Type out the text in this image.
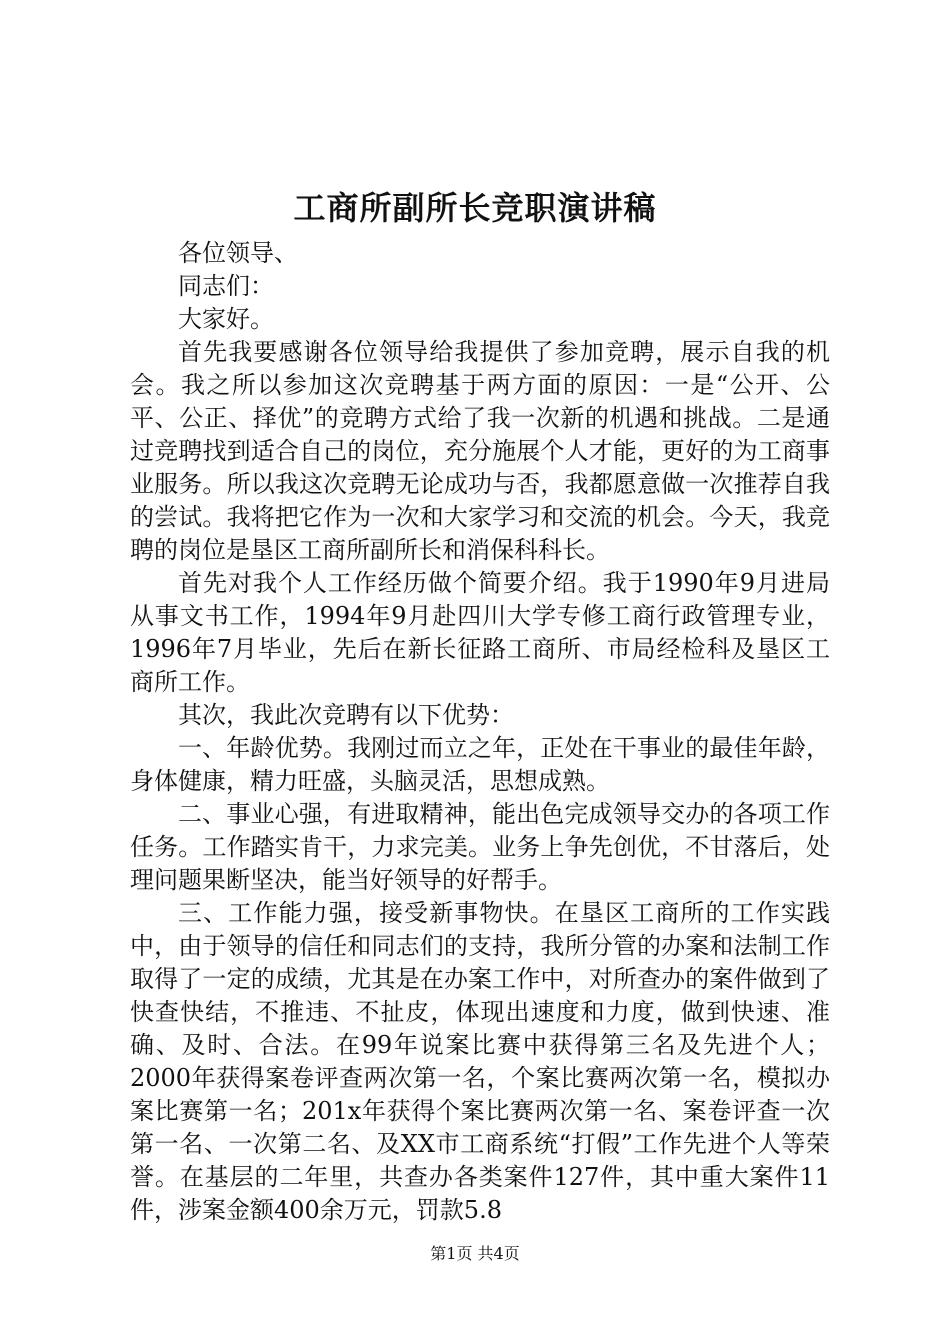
工商所副所长竞职演讲稿

各位领导、

同志们：

大家好。

首先我要感谢各位领导给我提供了参加竞聘，展示自我的机会。我之所以参加这次竞聘基于两方面的原因：一是“公开、公平、公正、择优”的竞聘方式给了我一次新的机遇和挑战。二是通过竞聘找到适合自己的岗位，充分施展个人才能，更好的为工商事业服务。所以我这次竞聘无论成功与否，我都愿意做一次推荐自我的尝试。我将把它作为一次和大家学习和交流的机会。今天，我竞聘的岗位是垦区工商所副所长和消保科科长。

首先对我个人工作经历做个简要介绍。我于1990年9月进局从事文书工作，1994年9月赴四川大学专修工商行政管理专业，1996年7月毕业，先后在新长征路工商所、市局经检科及垦区工商所工作。

其次，我此次竞聘有以下优势：

一、年龄优势。我刚过而立之年，正处在干事业的最佳年龄，身体健康，精力旺盛，头脑灵活，思想成熟。

二、事业心强，有进取精神，能出色完成领导交办的各项工作任务。工作踏实肯干，力求完美。业务上争先创优，不甘落后，处理问题果断坚决，能当好领导的好帮手。

三、工作能力强，接受新事物快。在垦区工商所的工作实践中，由于领导的信任和同志们的支持，我所分管的办案和法制工作取得了一定的成绩，尤其是在办案工作中，对所查办的案件做到了快查快结，不推违、不扯皮，体现出速度和力度，做到快速、准确、及时、合法。在99年说案比赛中获得第三名及先进个人；2000年获得案卷评查两次第一名，个案比赛两次第一名，模拟办案比赛第一名；201x年获得个案比赛两次第一名、案卷评查一次第一名、一次第二名、及XX市工商系统“打假”工作先进个人等荣誉。在基层的二年里，共查办各类案件127件，其中重大案件11件，涉案金额400余万元，罚款5.8

第1页 共4页
